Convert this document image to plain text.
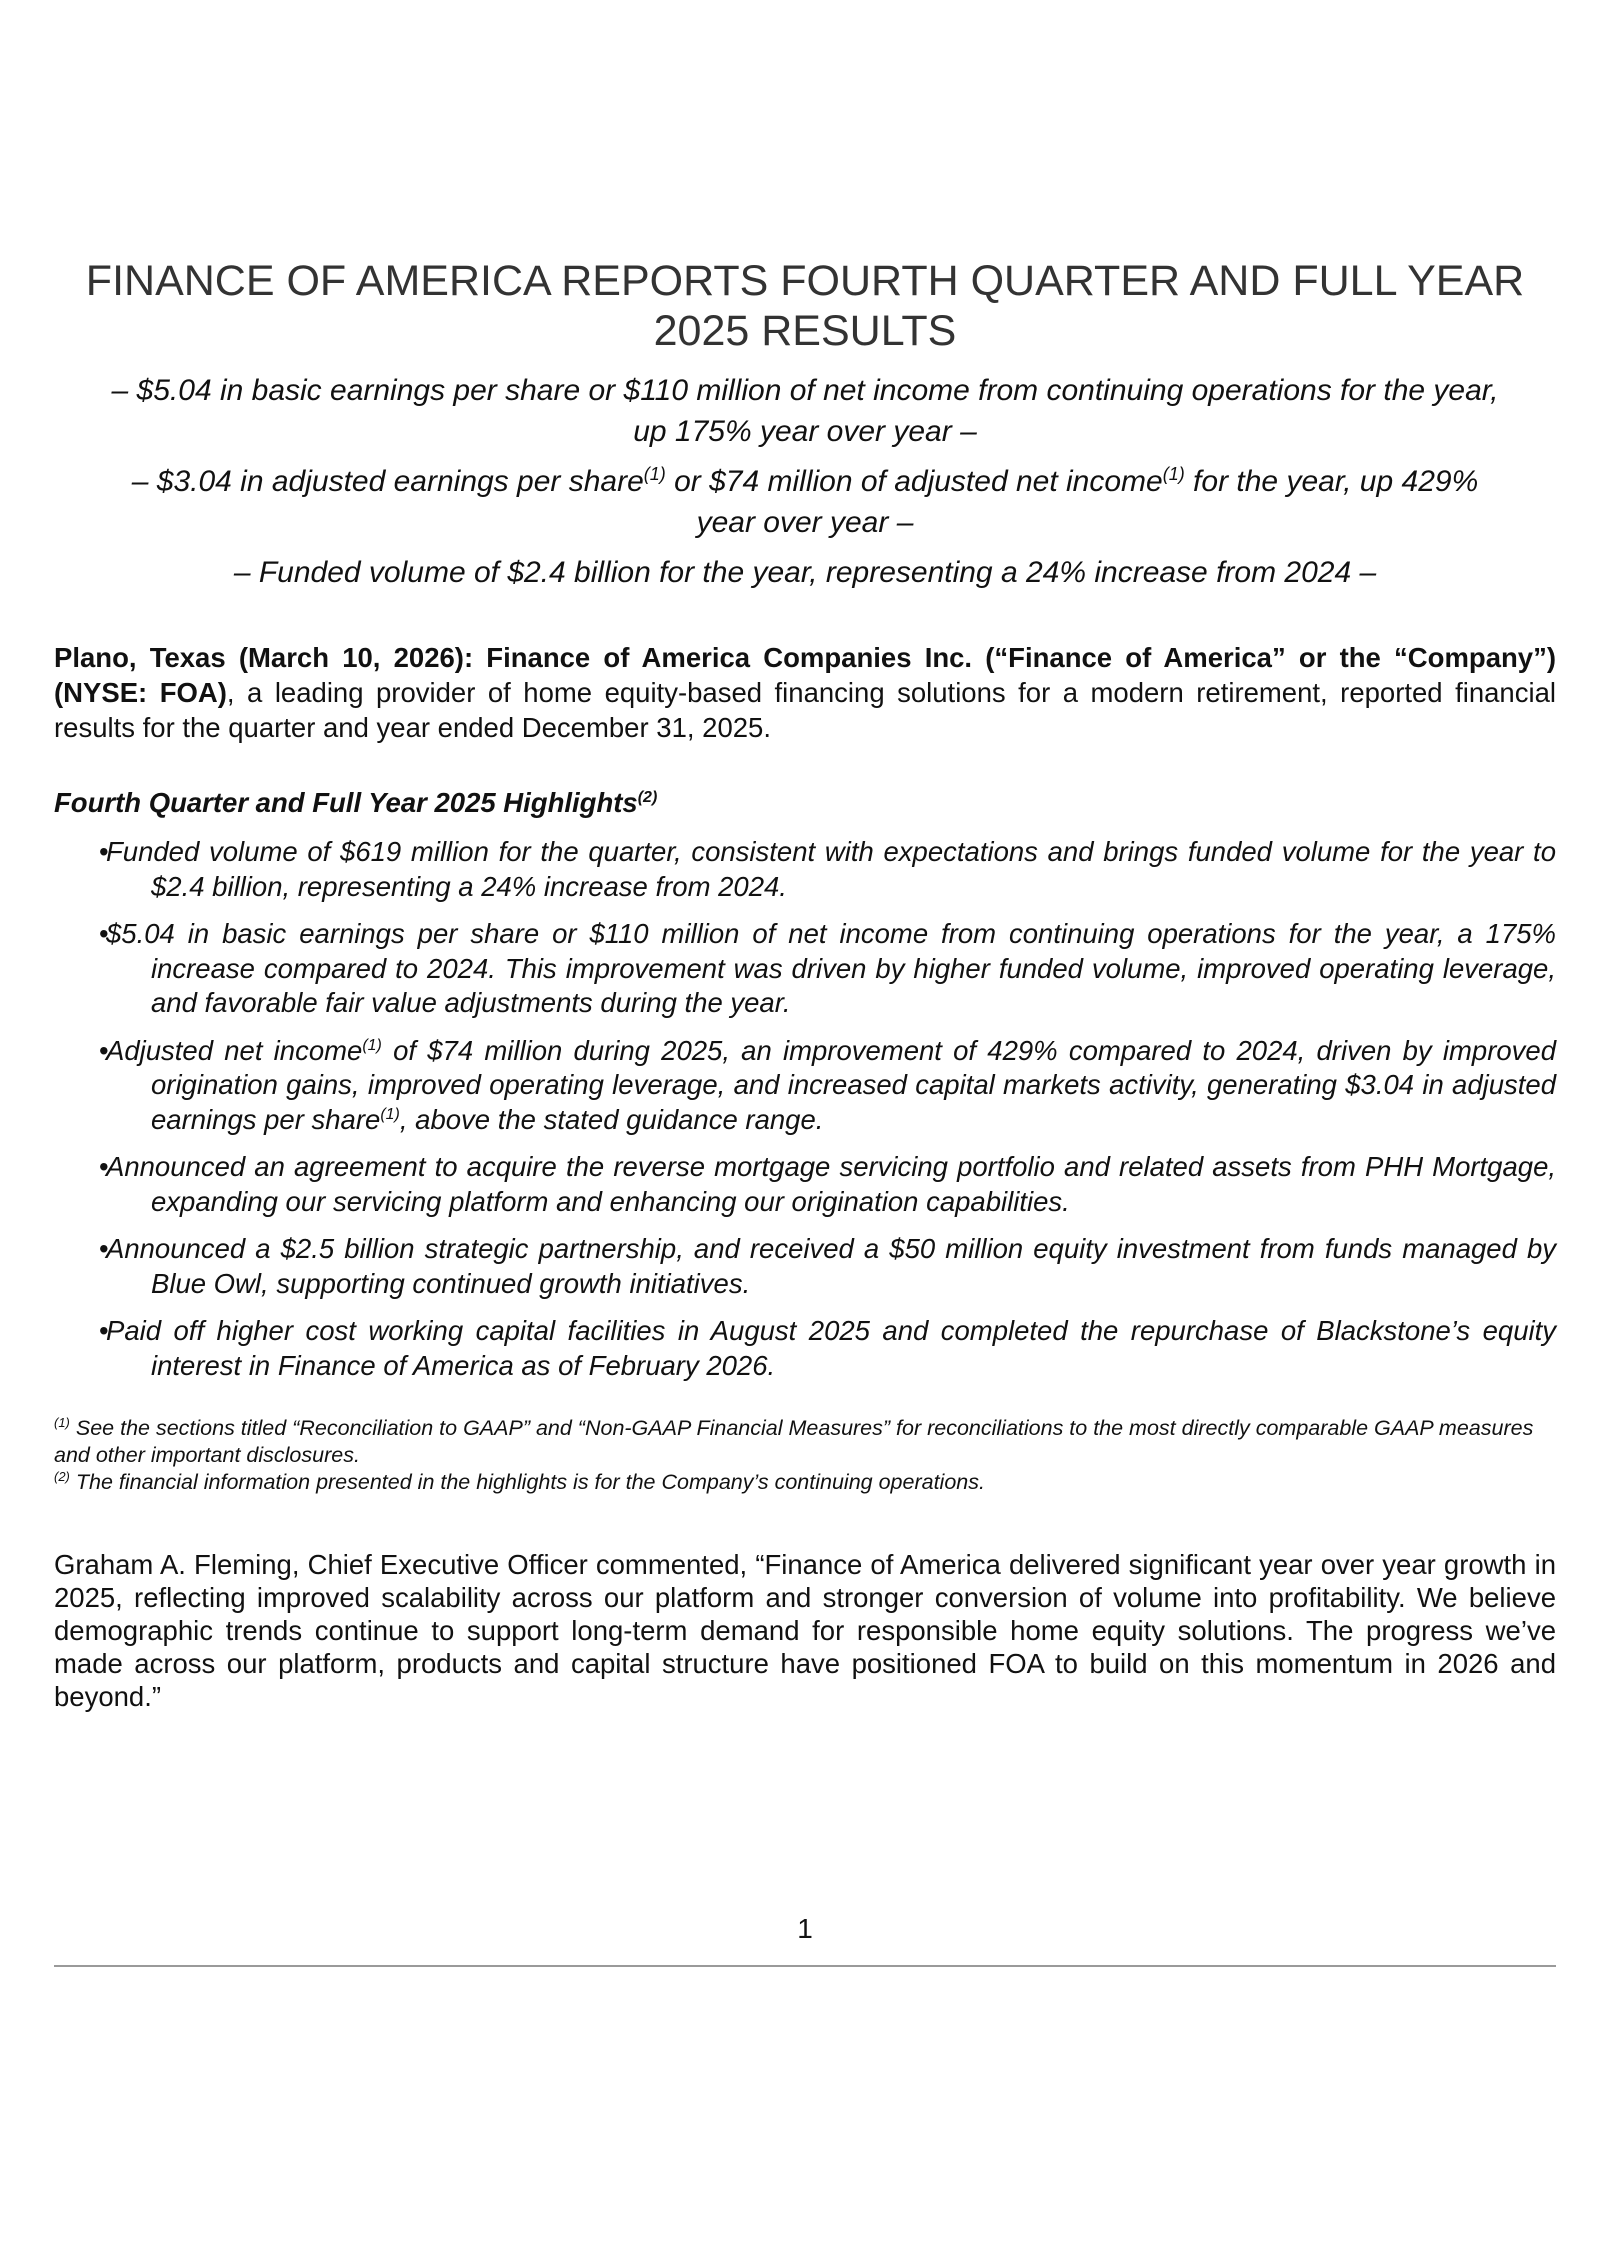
FINANCE OF AMERICA REPORTS FOURTH QUARTER AND FULL YEAR
2025 RESULTS

– $5.04 in basic earnings per share or $110 million of net income from continuing operations for the year,
up 175% year over year –

– $3.04 in adjusted earnings per share$^{(1)}$ or $74 million of adjusted net income$^{(1)}$ for the year, up 429%
year over year –

– Funded volume of $2.4 billion for the year, representing a 24% increase from 2024 –

Plano, Texas (March 10, 2026): Finance of America Companies Inc. (“Finance of America” or the “Company”) (NYSE: FOA), a leading provider of home equity-based financing solutions for a modern retirement, reported financial results for the quarter and year ended December 31, 2025.

Fourth Quarter and Full Year 2025 Highlights$^{(2)}$
•
Funded volume of $619 million for the quarter, consistent with expectations and brings funded volume for the year to $2.4 billion, representing a 24% increase from 2024.
•
$5.04 in basic earnings per share or $110 million of net income from continuing operations for the year, a 175% increase compared to 2024. This improvement was driven by higher funded volume, improved operating leverage, and favorable fair value adjustments during the year.
•
Adjusted net income$^{(1)}$ of $74 million during 2025, an improvement of 429% compared to 2024, driven by improved origination gains, improved operating leverage, and increased capital markets activity, generating $3.04 in adjusted earnings per share$^{(1)}$, above the stated guidance range.
•
Announced an agreement to acquire the reverse mortgage servicing portfolio and related assets from PHH Mortgage, expanding our servicing platform and enhancing our origination capabilities.
•
Announced a $2.5 billion strategic partnership, and received a $50 million equity investment from funds managed by Blue Owl, supporting continued growth initiatives.
•
Paid off higher cost working capital facilities in August 2025 and completed the repurchase of Blackstone’s equity interest in Finance of America as of February 2026.

$^{(1)}$ See the sections titled “Reconciliation to GAAP” and “Non-GAAP Financial Measures” for reconciliations to the most directly comparable GAAP measures and other important disclosures.

$^{(2)}$ The financial information presented in the highlights is for the Company’s continuing operations.

Graham A. Fleming, Chief Executive Officer commented, “Finance of America delivered significant year over year growth in 2025, reflecting improved scalability across our platform and stronger conversion of volume into profitability. We believe demographic trends continue to support long-term demand for responsible home equity solutions. The progress we’ve made across our platform, products and capital structure have positioned FOA to build on this momentum in 2026 and beyond.”

1
